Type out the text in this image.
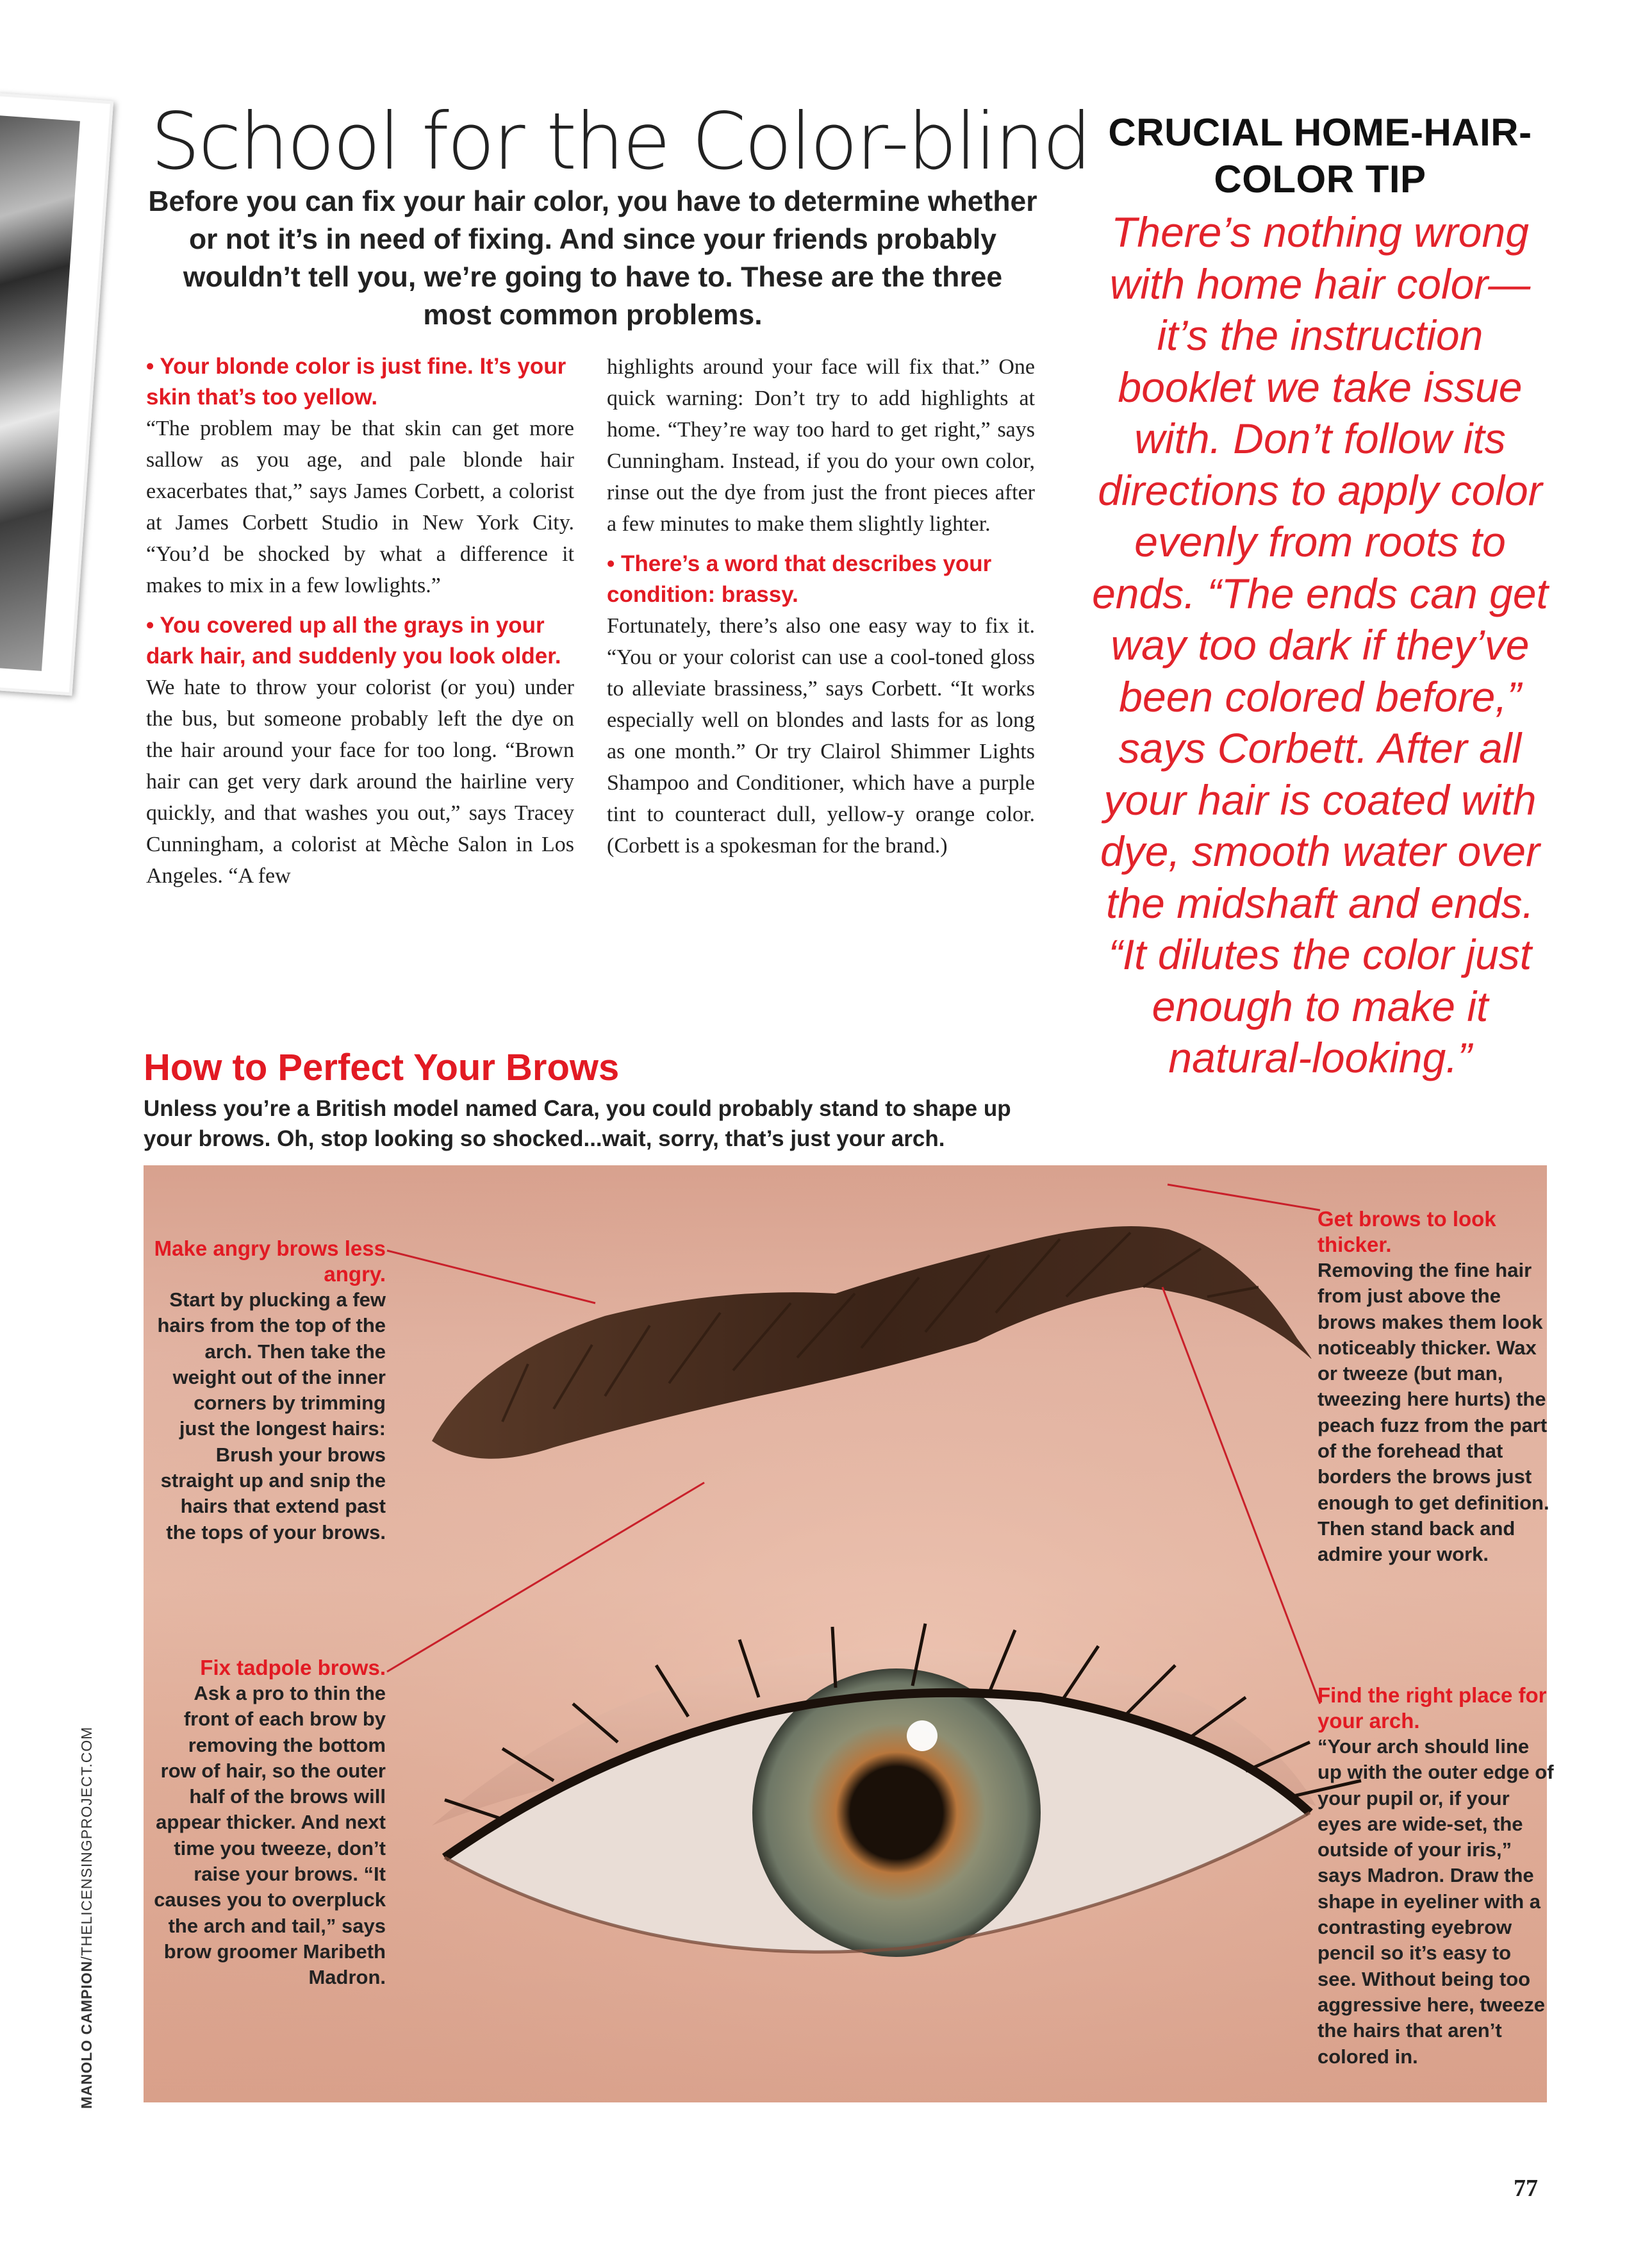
School for the Color-blind
Before you can fix your hair color, you have to determine whether or not it’s in need of fixing. And since your friends probably wouldn’t tell you, we’re going to have to. These are the three most common problems.

• Your blonde color is just fine. It’s your skin that’s too yellow.

“The problem may be that skin can get more sallow as you age, and pale blonde hair exacerbates that,” says James Corbett, a colorist at James Corbett Studio in New York City. “You’d be shocked by what a difference it makes to mix in a few lowlights.”

• You covered up all the grays in your dark hair, and suddenly you look older.

We hate to throw your colorist (or you) under the bus, but someone probably left the dye on the hair around your face for too long. “Brown hair can get very dark around the hairline very quickly, and that washes you out,” says Tracey Cunningham, a colorist at Mèche Salon in Los Angeles. “A few

highlights around your face will fix that.” One quick warning: Don’t try to add highlights at home. “They’re way too hard to get right,” says Cunningham. Instead, if you do your own color, rinse out the dye from just the front pieces after a few minutes to make them slightly lighter.

• There’s a word that describes your condition: brassy.

Fortunately, there’s also one easy way to fix it. “You or your colorist can use a cool-toned gloss to alleviate brassiness,” says Corbett. “It works especially well on blondes and lasts for as long as one month.” Or try Clairol Shimmer Lights Shampoo and Conditioner, which have a purple tint to counteract dull, yellow-y orange color. (Corbett is a spokesman for the brand.)

CRUCIAL HOME-HAIR-COLOR TIP
There’s nothing wrong with home hair color—it’s the instruction booklet we take issue with. Don’t follow its directions to apply color evenly from roots to ends. “The ends can get way too dark if they’ve been colored before,” says Corbett. After all your hair is coated with dye, smooth water over the midshaft and ends. “It dilutes the color just enough to make it natural-looking.”
How to Perfect Your Brows
Unless you’re a British model named Cara, you could probably stand to shape up your brows. Oh, stop looking so shocked...wait, sorry, that’s just your arch.
Make angry brows less angry.
Start by plucking a few hairs from the top of the arch. Then take the weight out of the inner corners by trimming just the longest hairs: Brush your brows straight up and snip the hairs that extend past the tops of your brows.
Fix tadpole brows.
Ask a pro to thin the front of each brow by removing the bottom row of hair, so the outer half of the brows will appear thicker. And next time you tweeze, don’t raise your brows. “It causes you to overpluck the arch and tail,” says brow groomer Maribeth Madron.
Get brows to look thicker.
Removing the fine hair from just above the brows makes them look noticeably thicker. Wax or tweeze (but man, tweezing here hurts) the peach fuzz from the part of the forehead that borders the brows just enough to get definition. Then stand back and admire your work.
Find the right place for your arch.
“Your arch should line up with the outer edge of your pupil or, if your eyes are wide-set, the outside of your iris,” says Madron. Draw the shape in eyeliner with a contrasting eyebrow pencil so it’s easy to see. Without being too aggressive here, tweeze the hairs that aren’t colored in.
MANOLO CAMPION/THELICENSINGPROJECT.COM
77
